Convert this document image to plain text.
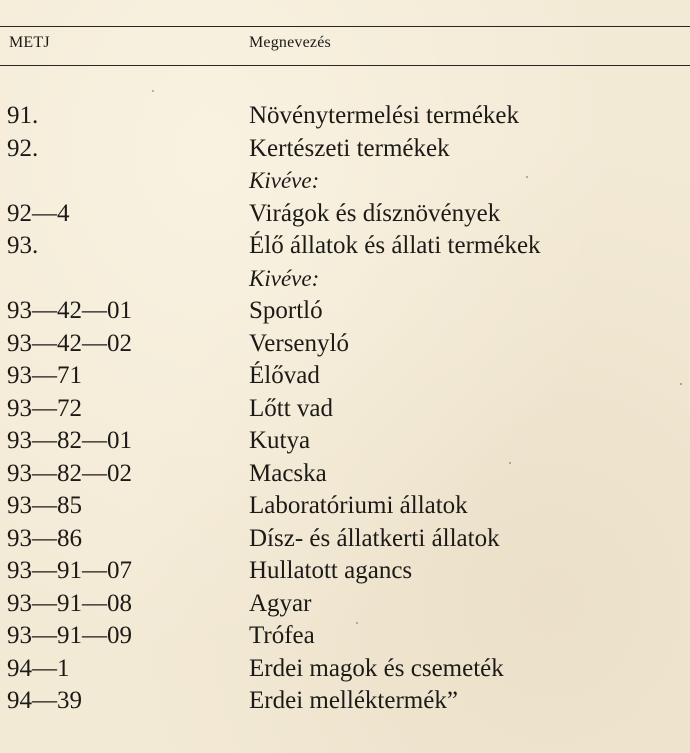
METJ	Megnevezés
91.	Növénytermelési termékek
92.	Kertészeti termékek
Kivéve:
92—4	Virágok és dísznövények
93.	Élő állatok és állati termékek
Kivéve:
93—42—01	Sportló
93—42—02	Versenyló
93—71	Élővad
93—72	Lőtt vad
93—82—01	Kutya
93—82—02	Macska
93—85	Laboratóriumi állatok
93—86	Dísz- és állatkerti állatok
93—91—07	Hullatott agancs
93—91—08	Agyar
93—91—09	Trófea
94—1	Erdei magok és csemeték
94—39	Erdei melléktermék”
